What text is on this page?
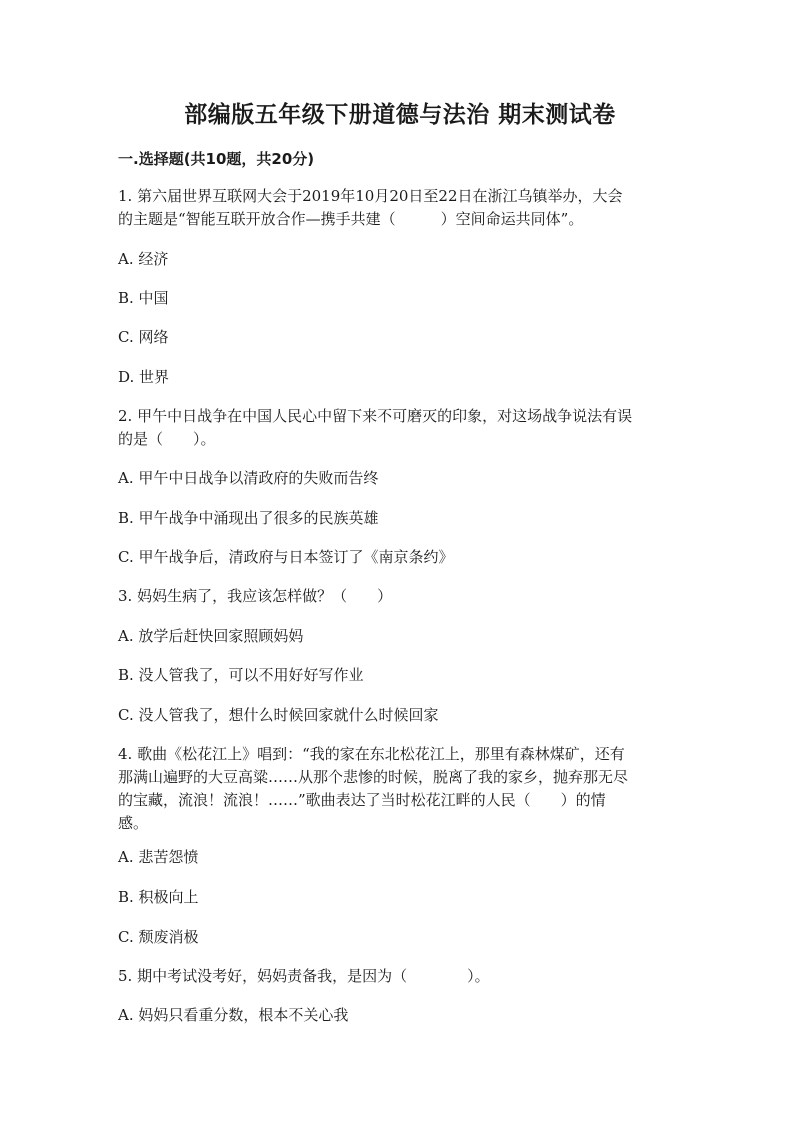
部编版五年级下册道德与法治 期末测试卷
一.选择题(共10题，共20分)
1. 第六届世界互联网大会于2019年10月20日至22日在浙江乌镇举办，大会
的主题是“智能互联开放合作—携手共建（　　　）空间命运共同体”。
A. 经济
B. 中国
C. 网络
D. 世界
2. 甲午中日战争在中国人民心中留下来不可磨灭的印象，对这场战争说法有误
的是（　　）。
A. 甲午中日战争以清政府的失败而告终
B. 甲午战争中涌现出了很多的民族英雄
C. 甲午战争后，清政府与日本签订了《南京条约》
3. 妈妈生病了，我应该怎样做？（　　）
A. 放学后赶快回家照顾妈妈
B. 没人管我了，可以不用好好写作业
C. 没人管我了，想什么时候回家就什么时候回家
4. 歌曲《松花江上》唱到：“我的家在东北松花江上，那里有森林煤矿，还有
那满山遍野的大豆高粱……从那个悲惨的时候，脱离了我的家乡，抛弃那无尽
的宝藏，流浪！流浪！……”歌曲表达了当时松花江畔的人民（　　）的情
感。
A. 悲苦怨愤
B. 积极向上
C. 颓废消极
5. 期中考试没考好，妈妈责备我，是因为（　　　　）。
A. 妈妈只看重分数，根本不关心我
